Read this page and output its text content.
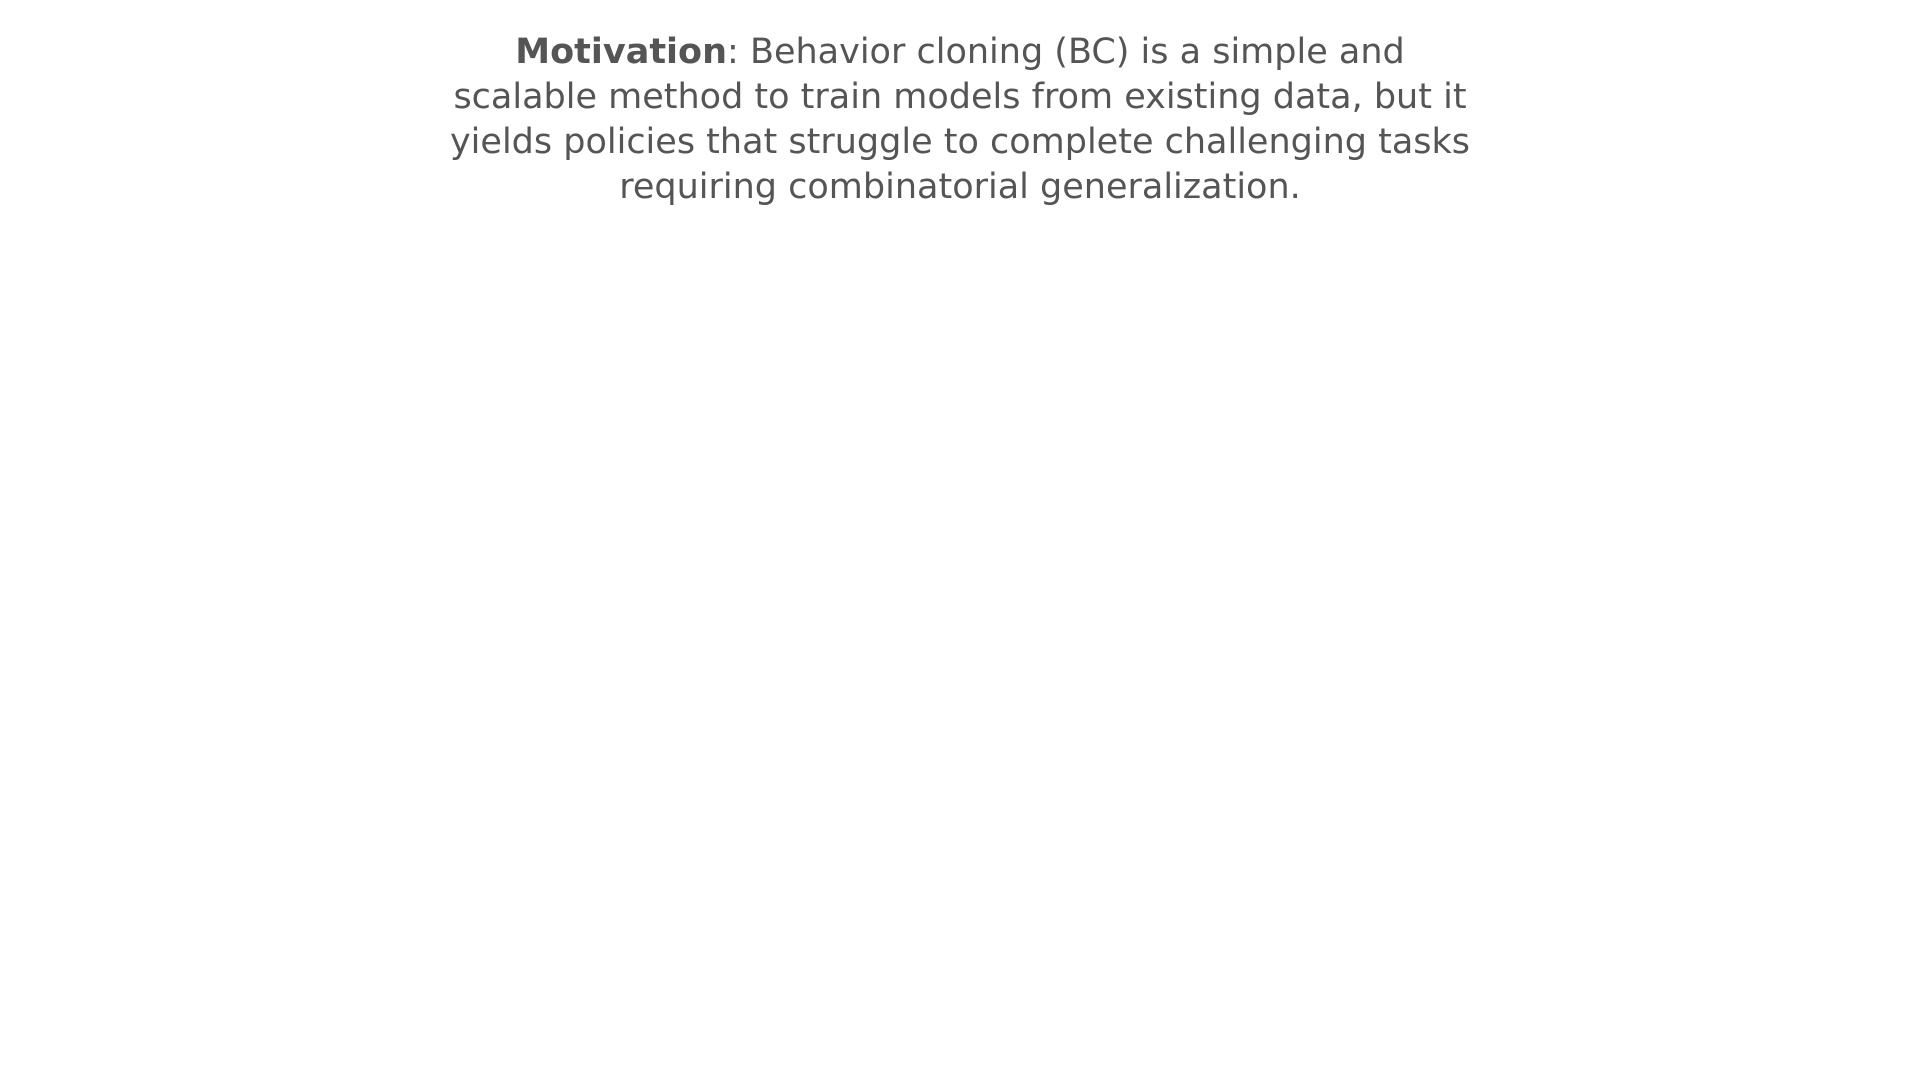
Motivation: Behavior cloning (BC) is a simple and scalable method to train models from existing data, but it yields policies that struggle to complete challenging tasks requiring combinatorial generalization.
